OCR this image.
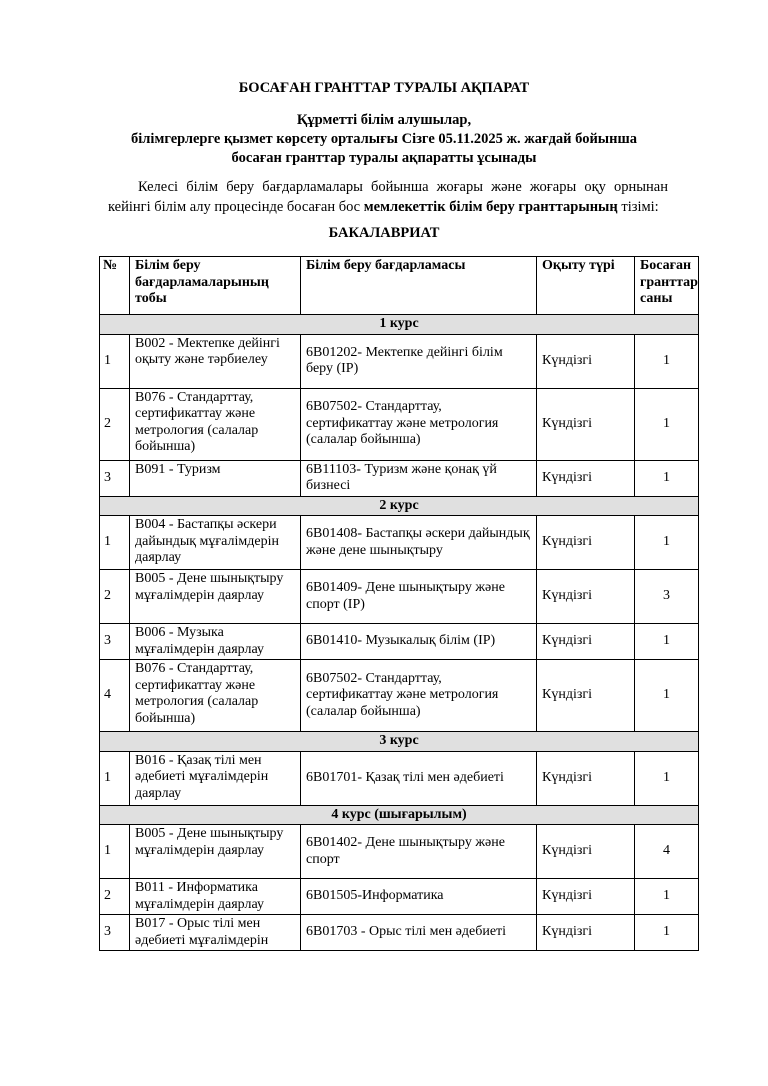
БОСАҒАН ГРАНТТАР ТУРАЛЫ АҚПАРАТ
Құрметті білім алушылар,
білімгерлерге қызмет көрсету орталығы Сізге 05.11.2025 ж. жағдай бойынша
босаған гранттар туралы ақпаратты ұсынады
Келесі білім беру бағдарламалары бойынша жоғары және жоғары оқу орнынан кейінгі білім алу процесінде босаған бос мемлекеттік білім беру гранттарының тізімі:
БАКАЛАВРИАТ
№	Білім беру бағдарламаларының тобы	Білім беру бағдарламасы	Оқыту түрі	Босаған гранттар саны
1 курс				
1	В002 - Мектепке дейінгі оқыту және тәрбиелеу	6В01202- Мектепке дейінгі білім беру (ІР)	Күндізгі	1
2	В076 - Стандарттау, сертификаттау және метрология (салалар бойынша)	6В07502- Стандарттау, сертификаттау және метрология (салалар бойынша)	Күндізгі	1
3	В091 - Туризм	6В11103- Туризм және қонақ үй бизнесі	Күндізгі	1
2 курс				
1	В004 - Бастапқы әскери дайындық мұғалімдерін даярлау	6В01408- Бастапқы әскери дайындық және дене шынықтыру	Күндізгі	1
2	В005 - Дене шынықтыру мұғалімдерін даярлау	6В01409- Дене шынықтыру және спорт (ІР)	Күндізгі	3
3	В006 - Музыка мұғалімдерін даярлау	6В01410- Музыкалық білім (ІР)	Күндізгі	1
4	В076 - Стандарттау, сертификаттау және метрология (салалар бойынша)	6В07502- Стандарттау, сертификаттау және метрология (салалар бойынша)	Күндізгі	1
3 курс				
1	В016 - Қазақ тілі мен әдебиеті мұғалімдерін даярлау	6В01701- Қазақ тілі мен әдебиеті	Күндізгі	1
4 курс (шығарылым)				
1	В005 - Дене шынықтыру мұғалімдерін даярлау	6В01402- Дене шынықтыру және спорт	Күндізгі	4
2	В011 - Информатика мұғалімдерін даярлау	6В01505-Информатика	Күндізгі	1
3	В017 - Орыс тілі мен әдебиеті мұғалімдерін	6В01703 - Орыс тілі мен әдебиеті	Күндізгі	1
